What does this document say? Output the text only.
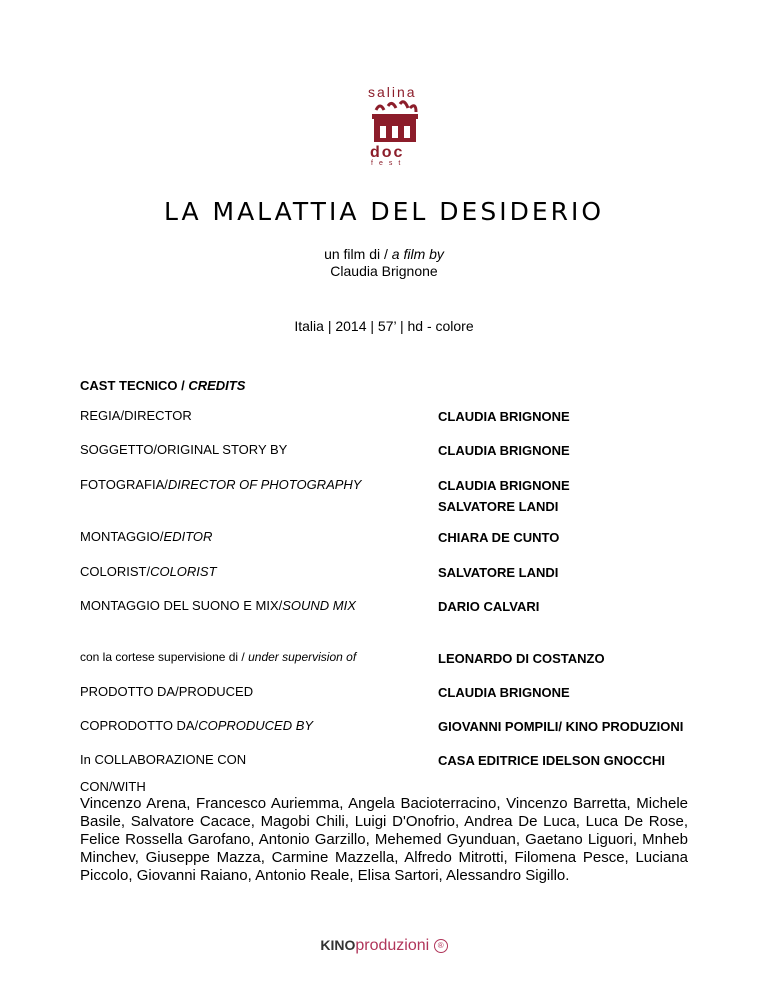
salina
doc
fest
LA MALATTIA DEL DESIDERIO
un film di / a film by
Claudia Brignone
Italia | 2014 | 57’ | hd - colore
CAST TECNICO / CREDITS
REGIA/DIRECTOR	CLAUDIA BRIGNONE
SOGGETTO/ORIGINAL STORY BY	CLAUDIA BRIGNONE
FOTOGRAFIA/DIRECTOR OF PHOTOGRAPHY	CLAUDIA BRIGNONE
SALVATORE LANDI
MONTAGGIO/EDITOR	CHIARA DE CUNTO
COLORIST/COLORIST	SALVATORE LANDI
MONTAGGIO DEL SUONO E MIX/SOUND MIX	DARIO CALVARI
con la cortese supervisione di / under supervision of	LEONARDO DI COSTANZO
PRODOTTO DA/PRODUCED	CLAUDIA BRIGNONE
COPRODOTTO DA/COPRODUCED BY	GIOVANNI POMPILI/ KINO PRODUZIONI
In COLLABORAZIONE CON	CASA EDITRICE IDELSON GNOCCHI
CON/WITH
Vincenzo Arena, Francesco Auriemma, Angela Bacioterracino, Vincenzo Barretta, Michele Basile, Salvatore Cacace, Magobi Chili, Luigi D'Onofrio, Andrea De Luca, Luca De Rose, Felice Rossella Garofano, Antonio Garzillo, Mehemed Gyunduan, Gaetano Liguori, Mnheb Minchev, Giuseppe Mazza, Carmine Mazzella, Alfredo Mitrotti, Filomena Pesce, Luciana Piccolo, Giovanni Raiano, Antonio Reale, Elisa Sartori, Alessandro Sigillo.
KINOproduzioni ®
